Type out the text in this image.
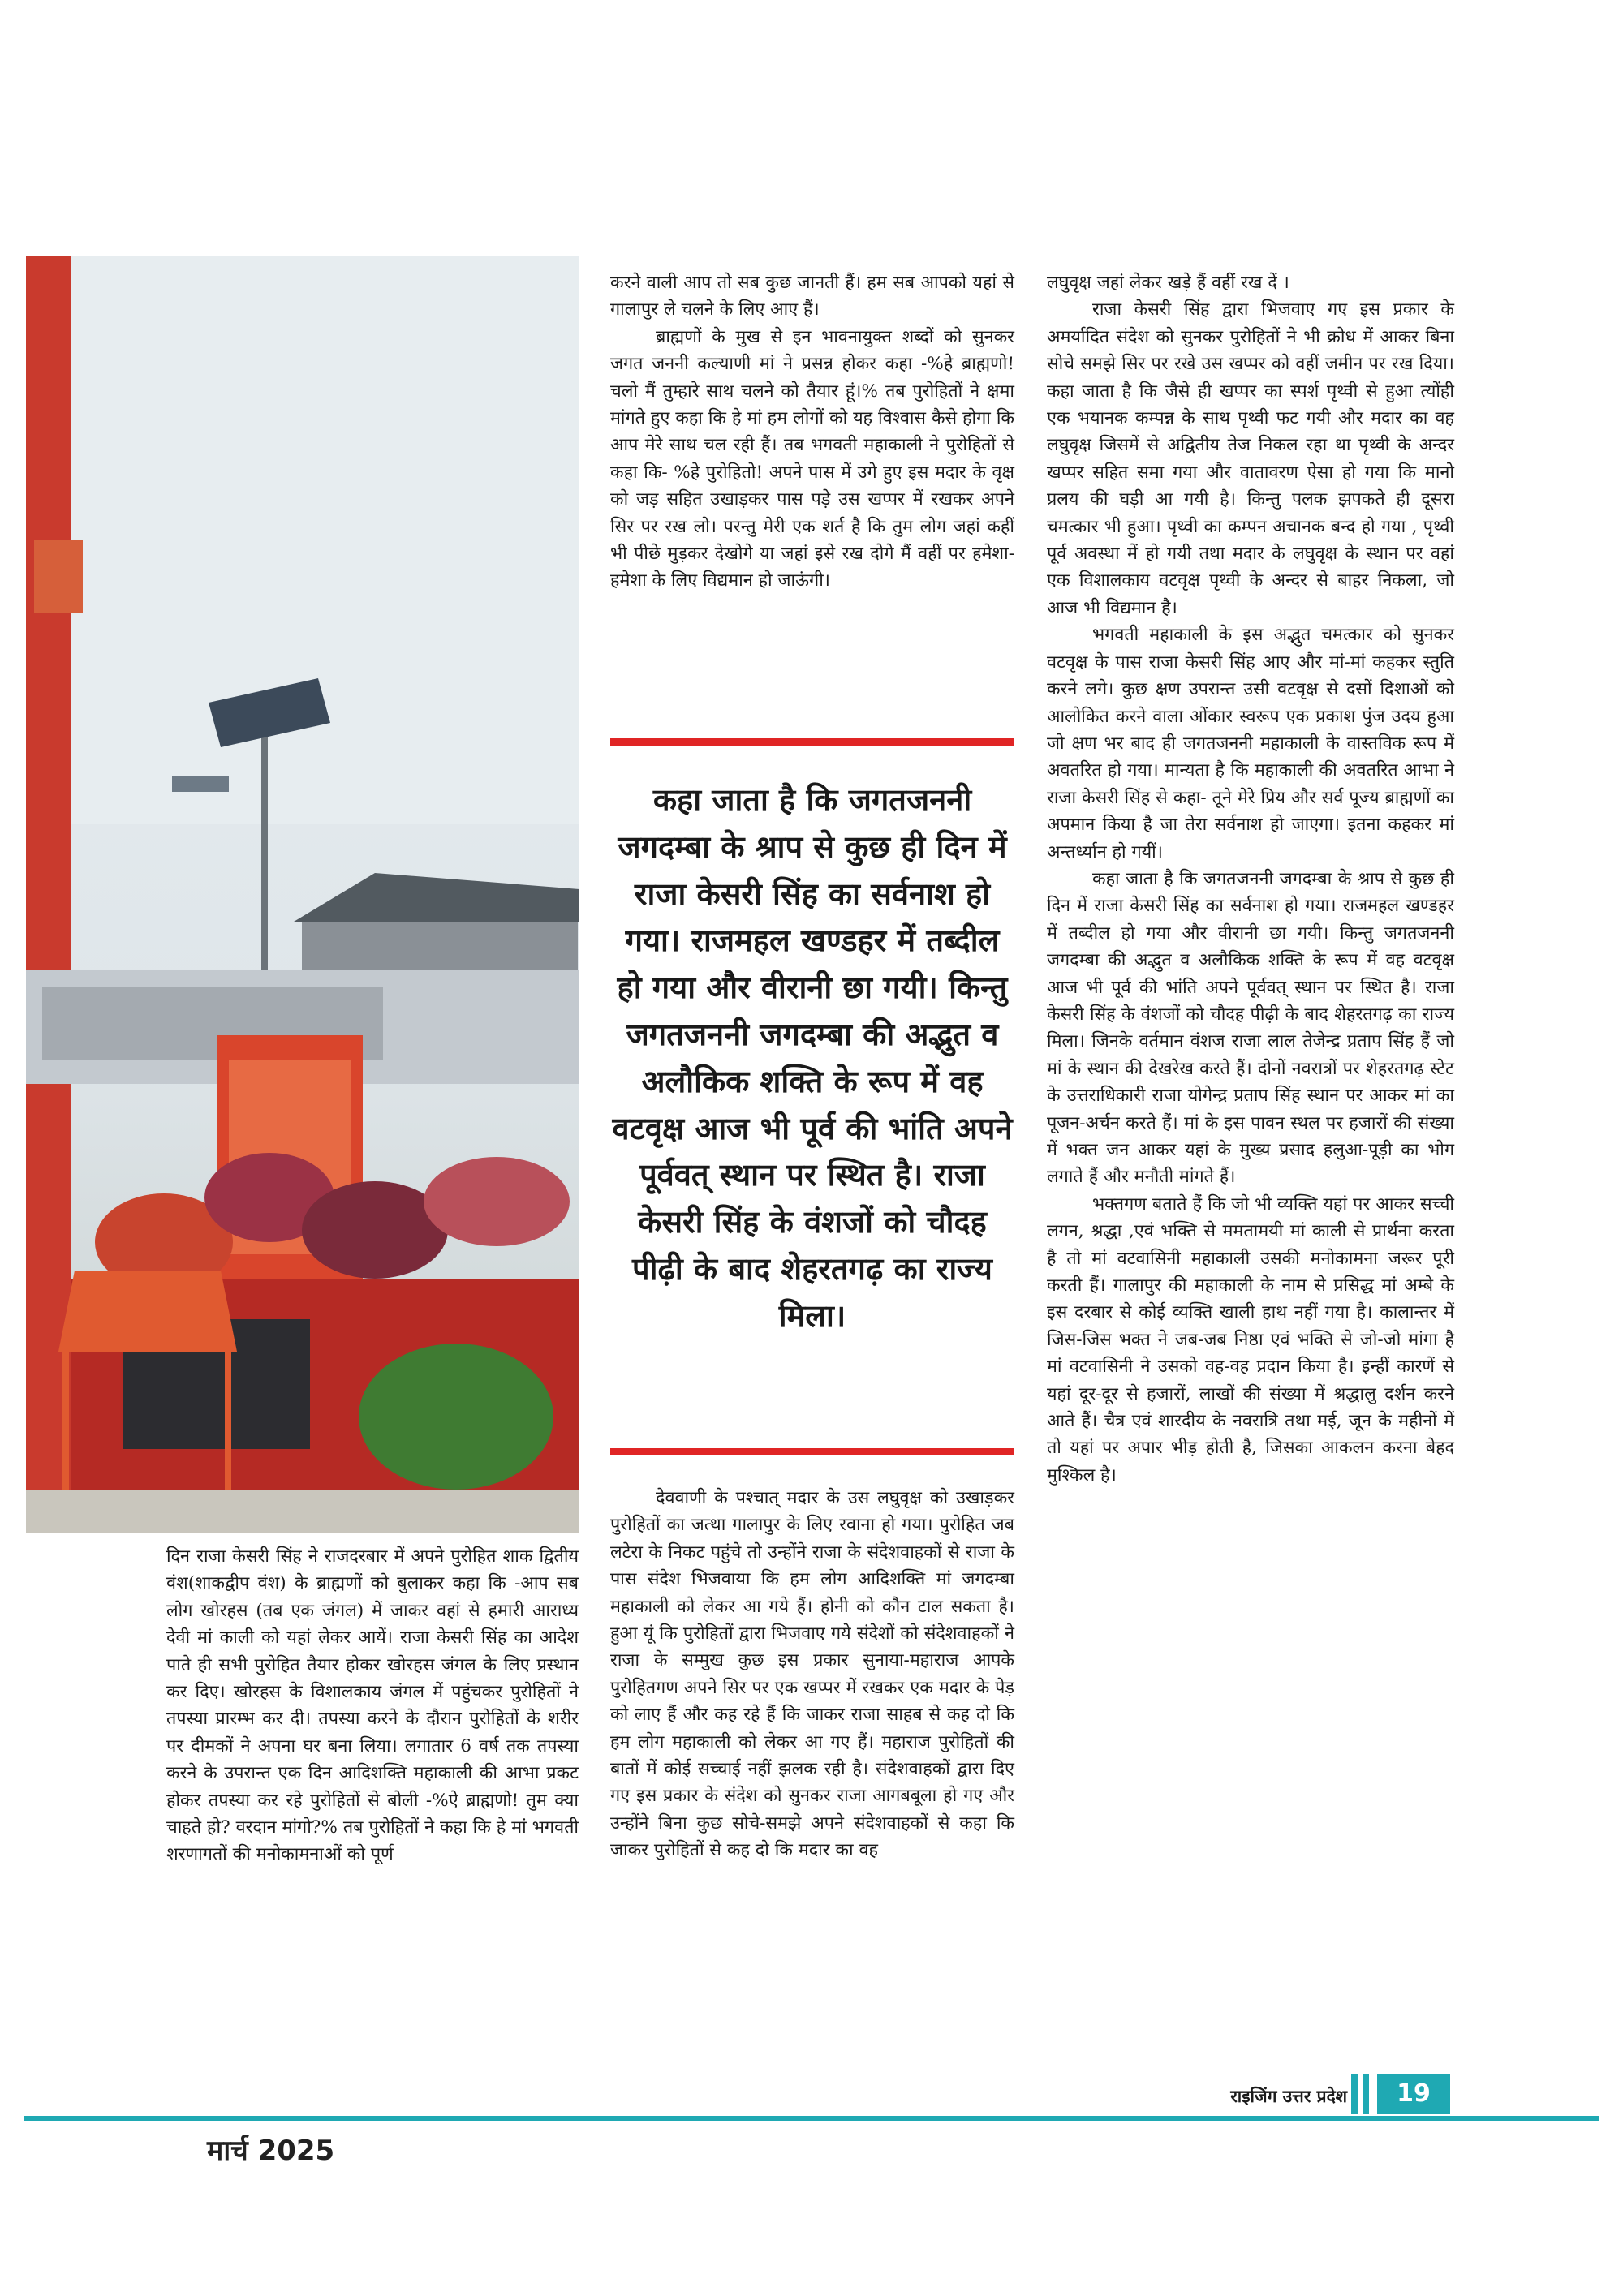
दिन राजा केसरी सिंह ने राजदरबार में अपने पुरोहित शाक द्वितीय वंश(शाकद्वीप वंश) के ब्राह्मणों को बुलाकर कहा कि -आप सब लोग खोरहस (तब एक जंगल) में जाकर वहां से हमारी आराध्य देवी मां काली को यहां लेकर आयें। राजा केसरी सिंह का आदेश पाते ही सभी पुरोहित तैयार होकर खोरहस जंगल के लिए प्रस्थान कर दिए। खोरहस के विशालकाय जंगल में पहुंचकर पुरोहितों ने तपस्या प्रारम्भ कर दी। तपस्या करने के दौरान पुरोहितों के शरीर पर दीमकों ने अपना घर बना लिया। लगातार 6 वर्ष तक तपस्या करने के उपरान्त एक दिन आदिशक्ति महाकाली की आभा प्रकट होकर तपस्या कर रहे पुरोहितों से बोली -%ऐ ब्राह्मणो! तुम क्या चाहते हो? वरदान मांगो?% तब पुरोहितों ने कहा कि हे मां भगवती शरणागतों की मनोकामनाओं को पूर्ण

करने वाली आप तो सब कुछ जानती हैं। हम सब आपको यहां से गालापुर ले चलने के लिए आए हैं।

ब्राह्मणों के मुख से इन भावनायुक्त शब्दों को सुनकर जगत जननी कल्याणी मां ने प्रसन्न होकर कहा -%हे ब्राह्मणो! चलो मैं तुम्हारे साथ चलने को तैयार हूं।% तब पुरोहितों ने क्षमा मांगते हुए कहा कि हे मां हम लोगों को यह विश्वास कैसे होगा कि आप मेरे साथ चल रही हैं। तब भगवती महाकाली ने पुरोहितों से कहा कि- %हे पुरोहितो! अपने पास में उगे हुए इस मदार के वृक्ष को जड़ सहित उखाड़कर पास पड़े उस खप्पर में रखकर अपने सिर पर रख लो। परन्तु मेरी एक शर्त है कि तुम लोग जहां कहीं भी पीछे मुड़कर देखोगे या जहां इसे रख दोगे मैं वहीं पर हमेशा-हमेशा के लिए विद्यमान हो जाऊंगी।

कहा जाता है कि जगतजननी जगदम्बा के श्राप से कुछ ही दिन में राजा केसरी सिंह का सर्वनाश हो गया। राजमहल खण्डहर में तब्दील हो गया और वीरानी छा गयी। किन्तु जगतजननी जगदम्बा की अद्भुत व अलौकिक शक्ति के रूप में वह वटवृक्ष आज भी पूर्व की भांति अपने पूर्ववत् स्थान पर स्थित है। राजा केसरी सिंह के वंशजों को चौदह पीढ़ी के बाद शेहरतगढ़ का राज्य मिला।

देववाणी के पश्चात् मदार के उस लघुवृक्ष को उखाड़कर पुरोहितों का जत्था गालापुर के लिए रवाना हो गया। पुरोहित जब लटेरा के निकट पहुंचे तो उन्होंने राजा के संदेशवाहकों से राजा के पास संदेश भिजवाया कि हम लोग आदिशक्ति मां जगदम्बा महाकाली को लेकर आ गये हैं। होनी को कौन टाल सकता है। हुआ यूं कि पुरोहितों द्वारा भिजवाए गये संदेशों को संदेशवाहकों ने राजा के सम्मुख कुछ इस प्रकार सुनाया-महाराज आपके पुरोहितगण अपने सिर पर एक खप्पर में रखकर एक मदार के पेड़ को लाए हैं और कह रहे हैं कि जाकर राजा साहब से कह दो कि हम लोग महाकाली को लेकर आ गए हैं। महाराज पुरोहितों की बातों में कोई सच्चाई नहीं झलक रही है। संदेशवाहकों द्वारा दिए गए इस प्रकार के संदेश को सुनकर राजा आगबबूला हो गए और उन्होंने बिना कुछ सोचे-समझे अपने संदेशवाहकों से कहा कि जाकर पुरोहितों से कह दो कि मदार का वह

लघुवृक्ष जहां लेकर खड़े हैं वहीं रख दें ।

राजा केसरी सिंह द्वारा भिजवाए गए इस प्रकार के अमर्यादित संदेश को सुनकर पुरोहितों ने भी क्रोध में आकर बिना सोचे समझे सिर पर रखे उस खप्पर को वहीं जमीन पर रख दिया। कहा जाता है कि जैसे ही खप्पर का स्पर्श पृथ्वी से हुआ त्योंही एक भयानक कम्पन्न के साथ पृथ्वी फट गयी और मदार का वह लघुवृक्ष जिसमें से अद्वितीय तेज निकल रहा था पृथ्वी के अन्दर खप्पर सहित समा गया और वातावरण ऐसा हो गया कि मानो प्रलय की घड़ी आ गयी है। किन्तु पलक झपकते ही दूसरा चमत्कार भी हुआ। पृथ्वी का कम्पन अचानक बन्द हो गया , पृथ्वी पूर्व अवस्था में हो गयी तथा मदार के लघुवृक्ष के स्थान पर वहां एक विशालकाय वटवृक्ष पृथ्वी के अन्दर से बाहर निकला, जो आज भी विद्यमान है।

भगवती महाकाली के इस अद्भुत चमत्कार को सुनकर वटवृक्ष के पास राजा केसरी सिंह आए और मां-मां कहकर स्तुति करने लगे। कुछ क्षण उपरान्त उसी वटवृक्ष से दसों दिशाओं को आलोकित करने वाला ओंकार स्वरूप एक प्रकाश पुंज उदय हुआ जो क्षण भर बाद ही जगतजननी महाकाली के वास्तविक रूप में अवतरित हो गया। मान्यता है कि महाकाली की अवतरित आभा ने राजा केसरी सिंह से कहा- तूने मेरे प्रिय और सर्व पूज्य ब्राह्मणों का अपमान किया है जा तेरा सर्वनाश हो जाएगा। इतना कहकर मां अन्तर्ध्यान हो गयीं।

कहा जाता है कि जगतजननी जगदम्बा के श्राप से कुछ ही दिन में राजा केसरी सिंह का सर्वनाश हो गया। राजमहल खण्डहर में तब्दील हो गया और वीरानी छा गयी। किन्तु जगतजननी जगदम्बा की अद्भुत व अलौकिक शक्ति के रूप में वह वटवृक्ष आज भी पूर्व की भांति अपने पूर्ववत् स्थान पर स्थित है। राजा केसरी सिंह के वंशजों को चौदह पीढ़ी के बाद शेहरतगढ़ का राज्य मिला। जिनके वर्तमान वंशज राजा लाल तेजेन्द्र प्रताप सिंह हैं जो मां के स्थान की देखरेख करते हैं। दोनों नवरात्रों पर शेहरतगढ़ स्टेट के उत्तराधिकारी राजा योगेन्द्र प्रताप सिंह स्थान पर आकर मां का पूजन-अर्चन करते हैं। मां के इस पावन स्थल पर हजारों की संख्या में भक्त जन आकर यहां के मुख्य प्रसाद हलुआ-पूड़ी का भोग लगाते हैं और मनौती मांगते हैं।

भक्तगण बताते हैं कि जो भी व्यक्ति यहां पर आकर सच्ची लगन, श्रद्धा ,एवं भक्ति से ममतामयी मां काली से प्रार्थना करता है तो मां वटवासिनी महाकाली उसकी मनोकामना जरूर पूरी करती हैं। गालापुर की महाकाली के नाम से प्रसिद्ध मां अम्बे के इस दरबार से कोई व्यक्ति खाली हाथ नहीं गया है। कालान्तर में जिस-जिस भक्त ने जब-जब निष्ठा एवं भक्ति से जो-जो मांगा है मां वटवासिनी ने उसको वह-वह प्रदान किया है। इन्हीं कारणें से यहां दूर-दूर से हजारों, लाखों की संख्या में श्रद्धालु दर्शन करने आते हैं। चैत्र एवं शारदीय के नवरात्रि तथा मई, जून के महीनों में तो यहां पर अपार भीड़ होती है, जिसका आकलन करना बेहद मुश्किल है।

राइजिंग उत्तर प्रदेश	19
मार्च 2025
